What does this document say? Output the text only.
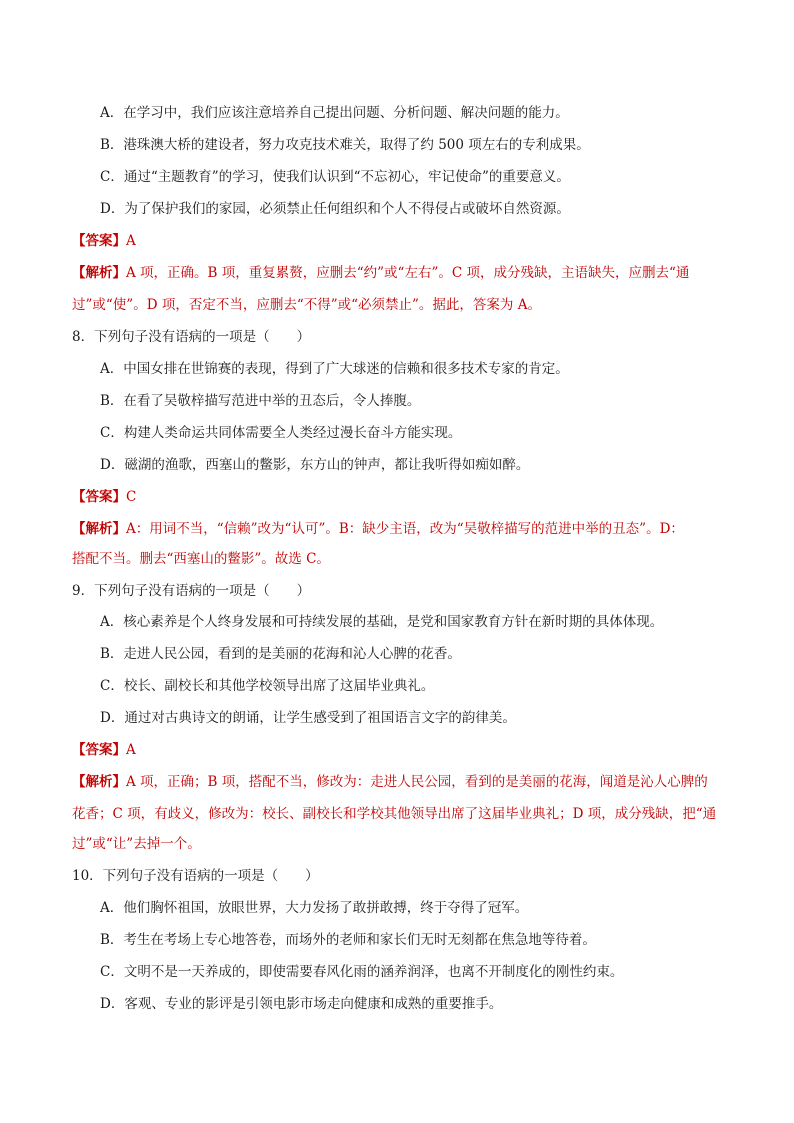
A．在学习中，我们应该注意培养自己提出问题、分析问题、解决问题的能力。
B．港珠澳大桥的建设者，努力攻克技术难关，取得了约 500 项左右的专利成果。
C．通过“主题教育”的学习，使我们认识到“不忘初心，牢记使命”的重要意义。
D．为了保护我们的家园，必须禁止任何组织和个人不得侵占或破坏自然资源。
【答案】A
【解析】A 项，正确。B 项，重复累赘，应删去“约”或“左右”。C 项，成分残缺，主语缺失，应删去“通
过”或“使”。D 项，否定不当，应删去“不得”或“必须禁止”。据此，答案为 A。
8．下列句子没有语病的一项是（　　）
A．中国女排在世锦赛的表现，得到了广大球迷的信赖和很多技术专家的肯定。
B．在看了吴敬梓描写范进中举的丑态后，令人捧腹。
C．构建人类命运共同体需要全人类经过漫长奋斗方能实现。
D．磁湖的渔歌，西塞山的鳖影，东方山的钟声，都让我听得如痴如醉。
【答案】C
【解析】A：用词不当，“信赖”改为“认可”。B：缺少主语，改为“吴敬梓描写的范进中举的丑态”。D：
搭配不当。删去“西塞山的鳖影”。故选 C。
9．下列句子没有语病的一项是（　　）
A．核心素养是个人终身发展和可持续发展的基础，是党和国家教育方针在新时期的具体体现。
B．走进人民公园，看到的是美丽的花海和沁人心脾的花香。
C．校长、副校长和其他学校领导出席了这届毕业典礼。
D．通过对古典诗文的朗诵，让学生感受到了祖国语言文字的韵律美。
【答案】A
【解析】A 项，正确；B 项，搭配不当，修改为：走进人民公园，看到的是美丽的花海，闻道是沁人心脾的
花香；C 项，有歧义，修改为：校长、副校长和学校其他领导出席了这届毕业典礼；D 项，成分残缺，把“通
过”或“让”去掉一个。
10．下列句子没有语病的一项是（　　）
A．他们胸怀祖国，放眼世界，大力发扬了敢拼敢搏，终于夺得了冠军。
B．考生在考场上专心地答卷，而场外的老师和家长们无时无刻都在焦急地等待着。
C．文明不是一天养成的，即使需要春风化雨的涵养润泽，也离不开制度化的刚性约束。
D．客观、专业的影评是引领电影市场走向健康和成熟的重要推手。
